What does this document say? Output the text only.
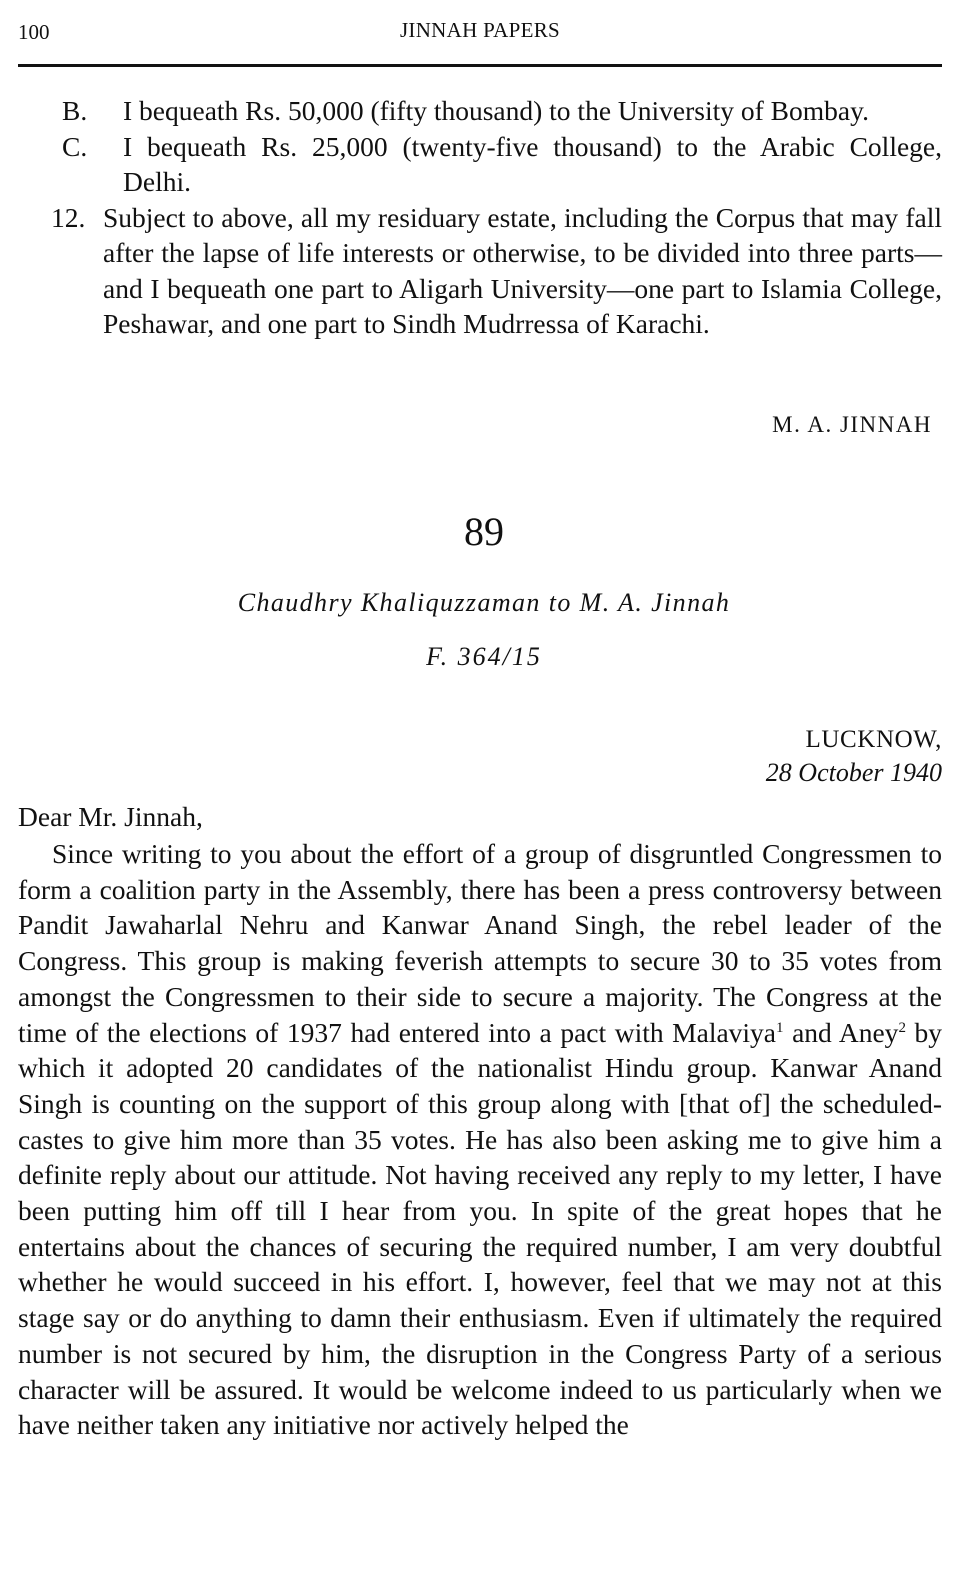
100	JINNAH PAPERS
B. I bequeath Rs. 50,000 (fifty thousand) to the University of Bombay.
C. I bequeath Rs. 25,000 (twenty-five thousand) to the Arabic College, Delhi.
12. Subject to above, all my residuary estate, including the Corpus that may fall after the lapse of life interests or otherwise, to be divided into three parts—and I bequeath one part to Aligarh University—one part to Islamia College, Peshawar, and one part to Sindh Mudrressa of Karachi.
M. A. JINNAH
89
Chaudhry Khaliquzzaman to M. A. Jinnah
F. 364/15
LUCKNOW,
28 October 1940
Dear Mr. Jinnah,
Since writing to you about the effort of a group of disgruntled Congressmen to form a coalition party in the Assembly, there has been a press controversy between Pandit Jawaharlal Nehru and Kanwar Anand Singh, the rebel leader of the Congress. This group is making feverish attempts to secure 30 to 35 votes from amongst the Congressmen to their side to secure a majority. The Congress at the time of the elections of 1937 had entered into a pact with Malaviya$^1$ and Aney$^2$ by which it adopted 20 candidates of the nationalist Hindu group. Kanwar Anand Singh is counting on the support of this group along with [that of] the scheduled-castes to give him more than 35 votes. He has also been asking me to give him a definite reply about our attitude. Not having received any reply to my letter, I have been putting him off till I hear from you. In spite of the great hopes that he entertains about the chances of securing the required number, I am very doubtful whether he would succeed in his effort. I, however, feel that we may not at this stage say or do anything to damn their enthusiasm. Even if ultimately the required number is not secured by him, the disruption in the Congress Party of a serious character will be assured. It would be welcome indeed to us particularly when we have neither taken any initiative nor actively helped the
